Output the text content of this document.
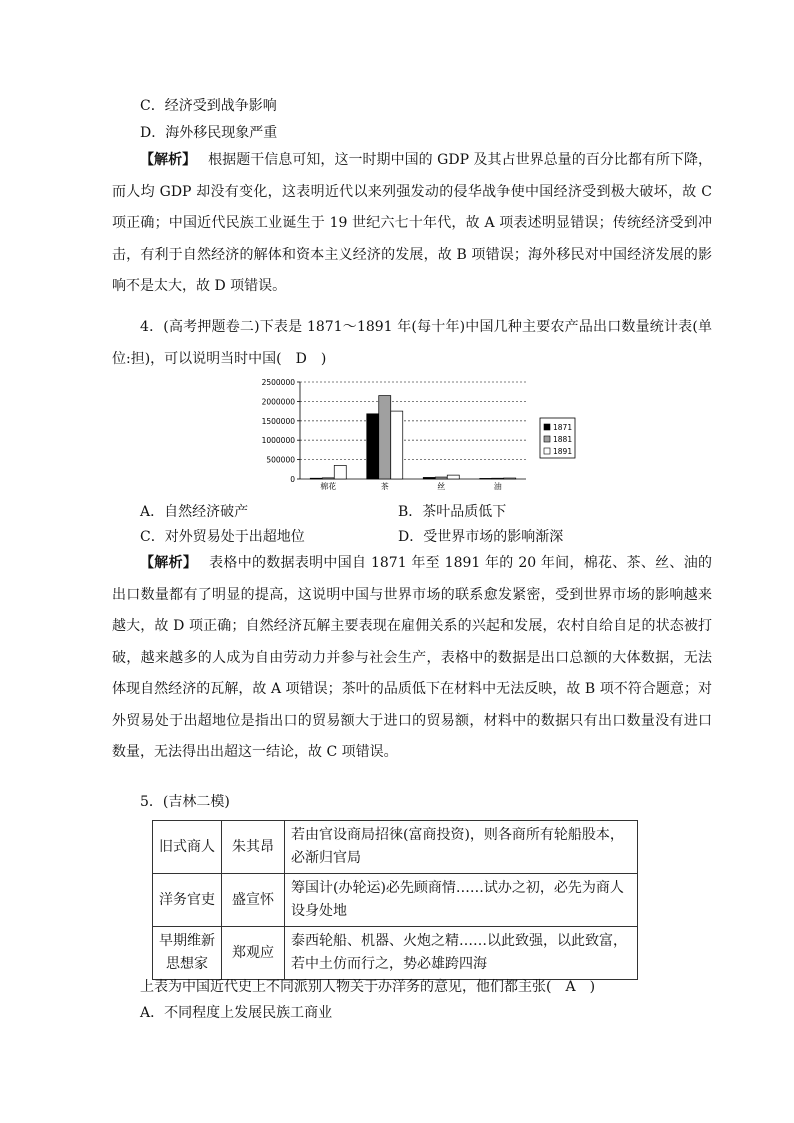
C．经济受到战争影响
D．海外移民现象严重
【解析】 根据题干信息可知，这一时期中国的 GDP 及其占世界总量的百分比都有所下降，而人均 GDP 却没有变化，这表明近代以来列强发动的侵华战争使中国经济受到极大破坏，故 C 项正确；中国近代民族工业诞生于 19 世纪六七十年代，故 A 项表述明显错误；传统经济受到冲击，有利于自然经济的解体和资本主义经济的发展，故 B 项错误；海外移民对中国经济发展的影响不是太大，故 D 项错误。
4．(高考押题卷二)下表是 1871～1891 年(每十年)中国几种主要农产品出口数量统计表(单位:担)，可以说明当时中国(　D　)
0
500000
1000000
1500000
2000000
2500000
棉花	茶	丝	油
1871
1881
1891
A．自然经济破产	B．茶叶品质低下
C．对外贸易处于出超地位	D．受世界市场的影响渐深
【解析】 表格中的数据表明中国自 1871 年至 1891 年的 20 年间，棉花、茶、丝、油的出口数量都有了明显的提高，这说明中国与世界市场的联系愈发紧密，受到世界市场的影响越来越大，故 D 项正确；自然经济瓦解主要表现在雇佣关系的兴起和发展，农村自给自足的状态被打破，越来越多的人成为自由劳动力并参与社会生产，表格中的数据是出口总额的大体数据，无法体现自然经济的瓦解，故 A 项错误；茶叶的品质低下在材料中无法反映，故 B 项不符合题意；对外贸易处于出超地位是指出口的贸易额大于进口的贸易额，材料中的数据只有出口数量没有进口数量，无法得出出超这一结论，故 C 项错误。
5．(吉林二模)
旧式商人	朱其昂	若由官设商局招徕(富商投资)，则各商所有轮船股本，必渐归官局
洋务官吏	盛宣怀	筹国计(办轮运)必先顾商情……试办之初，必先为商人设身处地
早期维新思想家	郑观应	泰西轮船、机器、火炮之精……以此致强，以此致富，若中土仿而行之，势必雄跨四海
上表为中国近代史上不同派别人物关于办洋务的意见，他们都主张(　A　)
A．不同程度上发展民族工商业
